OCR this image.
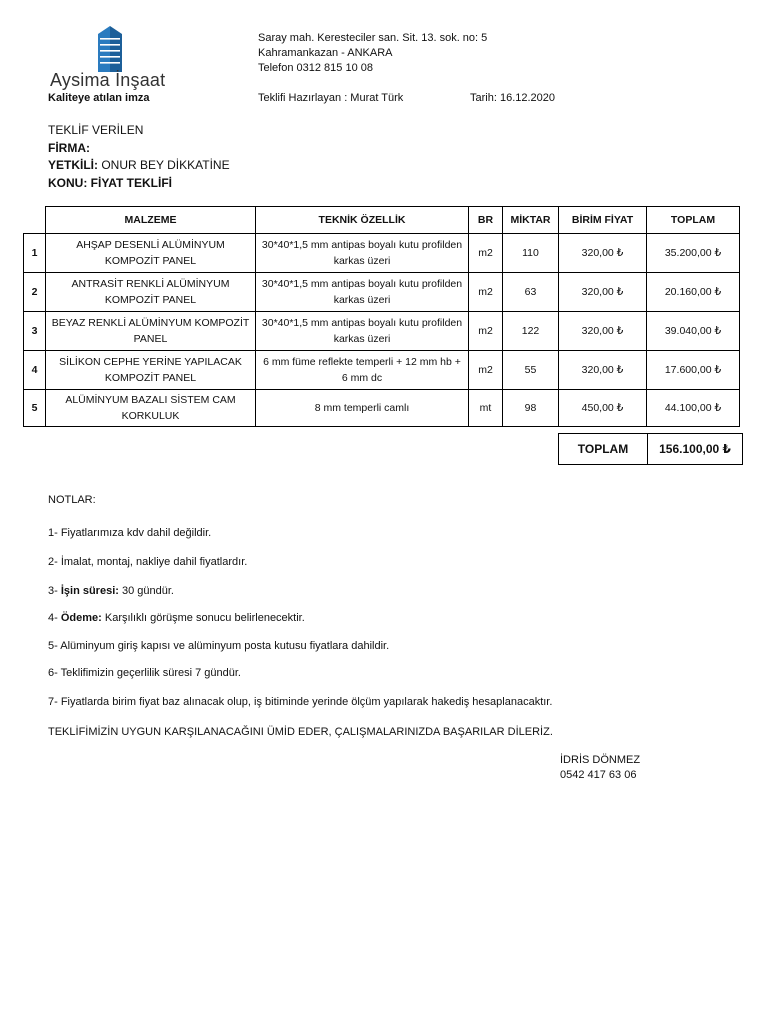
Aysima İnşaat
Kaliteye atılan imza
Saray mah. Keresteciler san. Sit. 13. sok. no: 5
Kahramankazan - ANKARA
Telefon 0312 815 10 08
Teklifi Hazırlayan : Murat Türk	Tarih: 16.12.2020
TEKLİF VERİLEN
FİRMA:
YETKİLİ: ONUR BEY DİKKATİNE
KONU: FİYAT TEKLİFİ
	MALZEME	TEKNİK ÖZELLİK	BR	MİKTAR	BİRİM FİYAT	TOPLAM
1	AHŞAP DESENLİ ALÜMİNYUM KOMPOZİT PANEL	30*40*1,5 mm antipas boyalı kutu profilden karkas üzeri	m2	110	320,00 ₺	35.200,00 ₺
2	ANTRASİT RENKLİ ALÜMİNYUM KOMPOZİT PANEL	30*40*1,5 mm antipas boyalı kutu profilden karkas üzeri	m2	63	320,00 ₺	20.160,00 ₺
3	BEYAZ RENKLİ ALÜMİNYUM KOMPOZİT PANEL	30*40*1,5 mm antipas boyalı kutu profilden karkas üzeri	m2	122	320,00 ₺	39.040,00 ₺
4	SİLİKON CEPHE YERİNE YAPILACAK KOMPOZİT PANEL	6 mm füme reflekte temperli + 12 mm hb + 6 mm dc	m2	55	320,00 ₺	17.600,00 ₺
5	ALÜMİNYUM BAZALI SİSTEM CAM KORKULUK	8 mm temperli camlı	mt	98	450,00 ₺	44.100,00 ₺
TOPLAM	156.100,00 ₺
NOTLAR:
1- Fiyatlarımıza kdv dahil değildir.
2- İmalat, montaj, nakliye dahil fiyatlardır.
3- İşin süresi: 30 gündür.
4- Ödeme: Karşılıklı görüşme sonucu belirlenecektir.
5- Alüminyum giriş kapısı ve alüminyum posta kutusu fiyatlara dahildir.
6- Teklifimizin geçerlilik süresi 7 gündür.
7- Fiyatlarda birim fiyat baz alınacak olup, iş bitiminde yerinde ölçüm yapılarak hakediş hesaplanacaktır.
TEKLİFİMİZİN UYGUN KARŞILANACAĞINI ÜMİD EDER, ÇALIŞMALARINIZDA BAŞARILAR DİLERİZ.
İDRİS DÖNMEZ
0542 417 63 06
